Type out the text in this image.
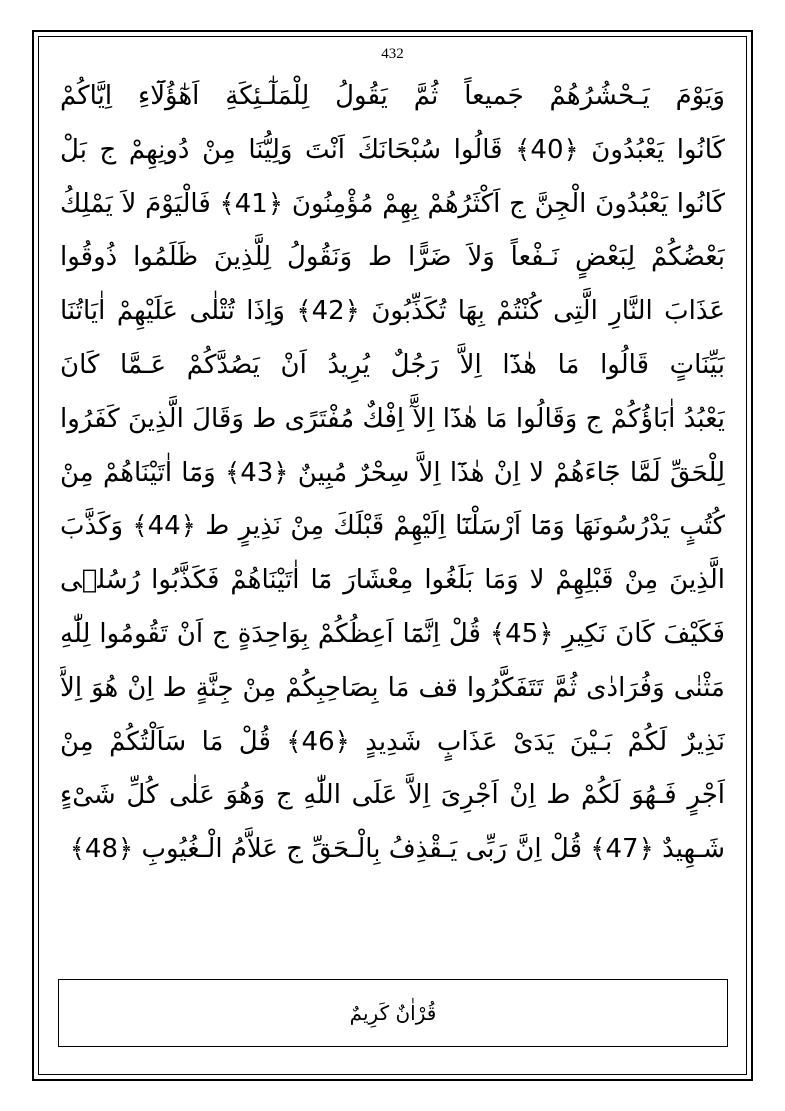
432
وَيَوْمَ يَـحْشُرُهُمْ جَميعاً ثُمَّ يَقُولُ لِلْمَلٰٓـئِكَةِ اَهٰٓؤُلَٓاءِ اِيَّاكُمْ
كَانُوا يَعْبُدُونَ ﴿40﴾ قَالُوا سُبْحَانَكَ اَنْتَ وَلِيُّنَا مِنْ دُونِهِمْ ج بَلْ
كَانُوا يَعْبُدُونَ الْجِنَّ ج اَكْثَرُهُمْ بِهِمْ مُؤْمِنُونَ ﴿41﴾ فَالْيَوْمَ لاَ يَمْلِكُ
بَعْضُكُمْ لِبَعْضٍ نَـفْعاً وَلاَ ضَرًّا ط وَنَقُولُ لِلَّذِينَ ظَلَمُوا ذُوقُوا
عَذَابَ النَّارِ الَّتِى كُنْتُمْ بِهَا تُكَذِّبُونَ ﴿42﴾ وَاِذَا تُتْلٰى عَلَيْهِمْ اٰيَاتُنَا
بَيِّنَاتٍ قَالُوا مَا هٰذَٓا اِلاَّ رَجُلٌ يُرِيدُ اَنْ يَصُدَّكُمْ عَـمَّا كَانَ
يَعْبُدُ اٰبَاؤُكُمْ ج وَقَالُوا مَا هٰذَٓا اِلآَّ اِفْكٌ مُفْتَرًى ط وَقَالَ الَّذِينَ كَفَرُوا
لِلْحَقِّ لَمَّا جَٓاءَهُمْ لا اِنْ هٰذَٓا اِلاَّ سِحْرٌ مُبِينٌ ﴿43﴾ وَمَٓا اٰتَيْنَاهُمْ مِنْ
كُتُبٍ يَدْرُسُونَهَا وَمَٓا اَرْسَلْنَٓا اِلَيْهِمْ قَبْلَكَ مِنْ نَذِيرٍ ط ﴿44﴾ وَكَذَّبَ
الَّذِينَ مِنْ قَبْلِهِمْ لا وَمَا بَلَغُوا مِعْشَارَ مَٓا اٰتَيْنَاهُمْ فَكَذَّبُوا رُسُلٖى
فَكَيْفَ كَانَ نَكِيرِ ﴿45﴾ قُلْ اِنَّمَٓا اَعِظُكُمْ بِوَاحِدَةٍ ج اَنْ تَقُومُوا لِلّٰهِ
مَثْنٰى وَفُرَادٰى ثُمَّ تَتَفَكَّرُوا قف مَا بِصَاحِبِكُمْ مِنْ جِنَّةٍ ط اِنْ هُوَ اِلاَّ
نَذِيرٌ لَكُمْ بَـيْنَ يَدَىْ عَذَابٍ شَدِيدٍ ﴿46﴾ قُلْ مَا سَاَلْتُكُمْ مِنْ
اَجْرٍ فَـهُوَ لَكُمْ ط اِنْ اَجْرِىَ اِلاَّ عَلَى اللّٰهِ ج وَهُوَ عَلٰى كُلِّ شَىْءٍ
شَـهِيدٌ ﴿47﴾ قُلْ اِنَّ رَبِّى يَـقْذِفُ بِالْـحَقِّ ج عَلاَّمُ الْـغُيُوبِ ﴿48﴾
قُرْاٰنٌ كَرِيمٌ
